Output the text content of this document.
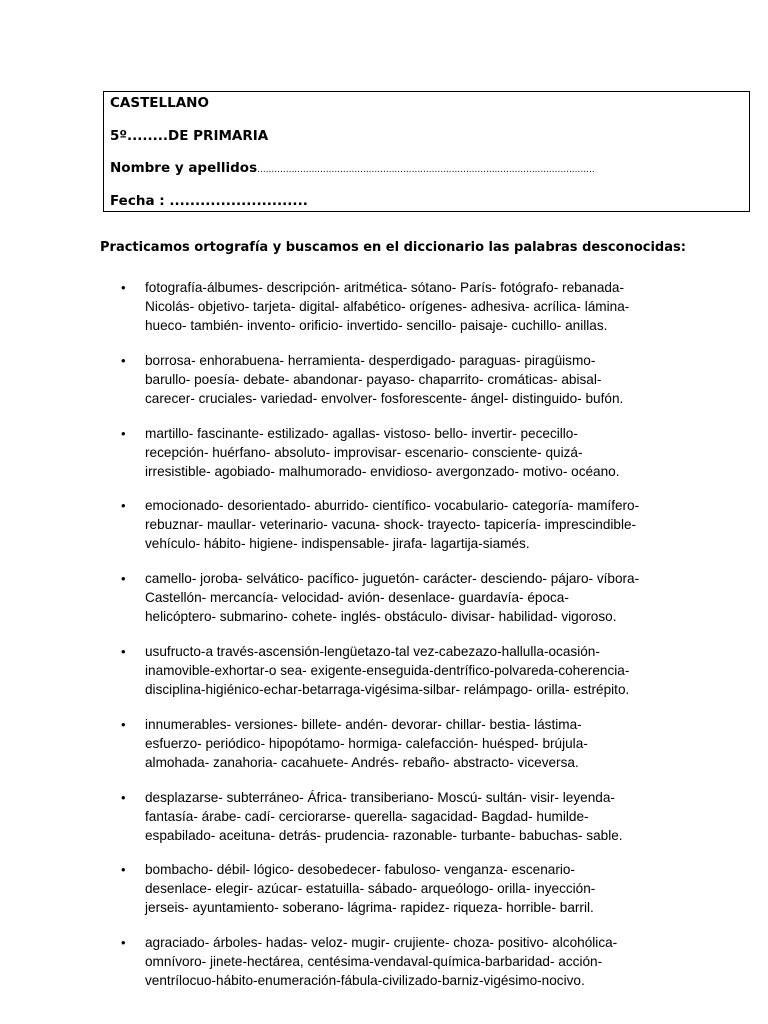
CASTELLANO
5º........DE PRIMARIA
Nombre y apellidos......................................................................................................................
Fecha : ...........................
Practicamos ortografía y buscamos en el diccionario las palabras desconocidas:
• fotografía-álbumes- descripción- aritmética- sótano- París- fotógrafo- rebanada-
Nicolás- objetivo- tarjeta- digital- alfabético- orígenes- adhesiva- acrílica- lámina-
hueco- también- invento- orificio- invertido- sencillo- paisaje- cuchillo- anillas.
• borrosa- enhorabuena- herramienta- desperdigado- paraguas- piragüismo-
barullo- poesía- debate- abandonar- payaso- chaparrito- cromáticas- abisal-
carecer- cruciales- variedad- envolver- fosforescente- ángel- distinguido- bufón.
• martillo- fascinante- estilizado- agallas- vistoso- bello- invertir- pececillo-
recepción- huérfano- absoluto- improvisar- escenario- consciente- quizá-
irresistible- agobiado- malhumorado- envidioso- avergonzado- motivo- océano.
• emocionado- desorientado- aburrido- científico- vocabulario- categoría- mamífero-
rebuznar- maullar- veterinario- vacuna- shock- trayecto- tapicería- imprescindible-
vehículo- hábito- higiene- indispensable- jirafa- lagartija-siamés.
• camello- joroba- selvático- pacífico- juguetón- carácter- desciendo- pájaro- víbora-
Castellón- mercancía- velocidad- avión- desenlace- guardavía- época-
helicóptero- submarino- cohete- inglés- obstáculo- divisar- habilidad- vigoroso.
• usufructo-a través-ascensión-lengüetazo-tal vez-cabezazo-hallulla-ocasión-
inamovible-exhortar-o sea- exigente-enseguida-dentrífico-polvareda-coherencia-
disciplina-higiénico-echar-betarraga-vigésima-silbar- relámpago- orilla- estrépito.
• innumerables- versiones- billete- andén- devorar- chillar- bestia- lástima-
esfuerzo- periódico- hipopótamo- hormiga- calefacción- huésped- brújula-
almohada- zanahoria- cacahuete- Andrés- rebaño- abstracto- viceversa.
• desplazarse- subterráneo- África- transiberiano- Moscú- sultán- visir- leyenda-
fantasía- árabe- cadí- cerciorarse- querella- sagacidad- Bagdad- humilde-
espabilado- aceituna- detrás- prudencia- razonable- turbante- babuchas- sable.
• bombacho- débil- lógico- desobedecer- fabuloso- venganza- escenario-
desenlace- elegir- azúcar- estatuilla- sábado- arqueólogo- orilla- inyección-
jerseis- ayuntamiento- soberano- lágrima- rapidez- riqueza- horrible- barril.
• agraciado- árboles- hadas- veloz- mugir- crujiente- choza- positivo- alcohólica-
omnívoro- jinete-hectárea, centésima-vendaval-química-barbaridad- acción-
ventrílocuo-hábito-enumeración-fábula-civilizado-barniz-vigésimo-nocivo.
